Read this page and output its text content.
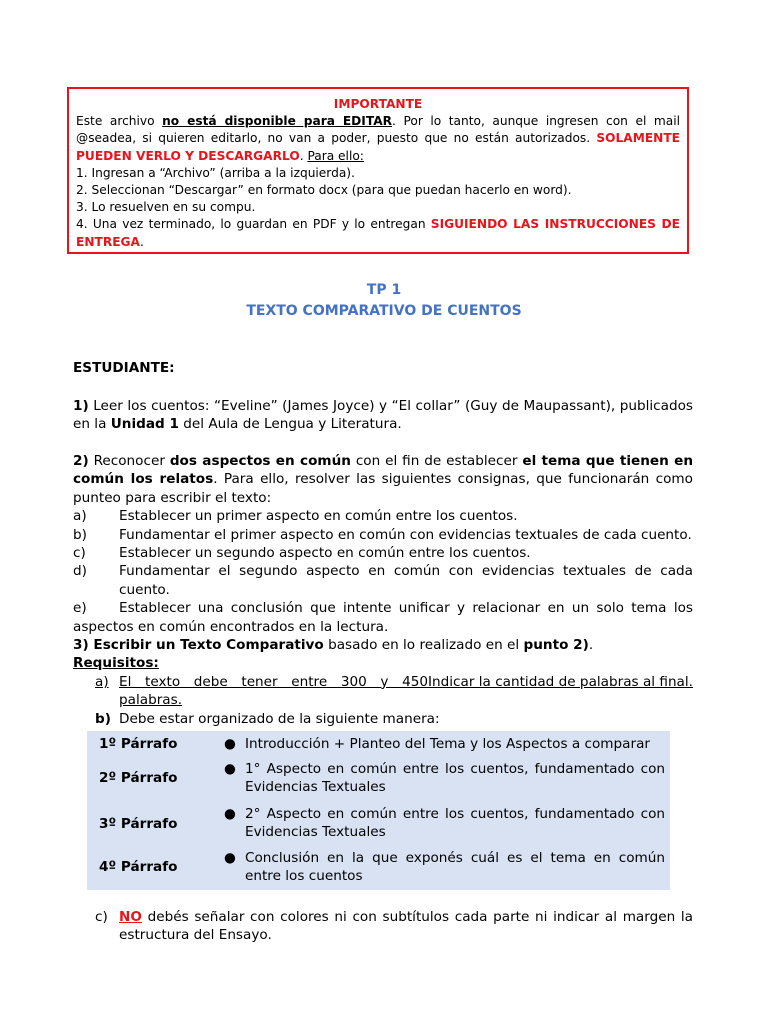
IMPORTANTE
Este archivo no está disponible para EDITAR. Por lo tanto, aunque ingresen con el mail @seadea, si quieren editarlo, no van a poder, puesto que no están autorizados. SOLAMENTE PUEDEN VERLO Y DESCARGARLO. Para ello:
1. Ingresan a “Archivo” (arriba a la izquierda).
2. Seleccionan “Descargar” en formato docx (para que puedan hacerlo en word).
3. Lo resuelven en su compu.
4. Una vez terminado, lo guardan en PDF y lo entregan SIGUIENDO LAS INSTRUCCIONES DE ENTREGA.
TP 1
TEXTO COMPARATIVO DE CUENTOS
ESTUDIANTE:
1) Leer los cuentos: “Eveline” (James Joyce) y “El collar” (Guy de Maupassant), publicados en la Unidad 1 del Aula de Lengua y Literatura.
2) Reconocer dos aspectos en común con el fin de establecer el tema que tienen en común los relatos. Para ello, resolver las siguientes consignas, que funcionarán como punteo para escribir el texto:
a)	Establecer un primer aspecto en común entre los cuentos.
b)	Fundamentar el primer aspecto en común con evidencias textuales de cada cuento.
c)	Establecer un segundo aspecto en común entre los cuentos.
d)	Fundamentar el segundo aspecto en común con evidencias textuales de cada cuento.
e) Establecer una conclusión que intente unificar y relacionar en un solo tema los aspectos en común encontrados en la lectura.
3) Escribir un Texto Comparativo basado en lo realizado en el punto 2).
Requisitos:
a) El texto debe tener entre 300 y 450 palabras.
Indicar la cantidad de palabras al final.
b) Debe estar organizado de la siguiente manera:
1º Párrafo	● Introducción + Planteo del Tema y los Aspectos a comparar
2º Párrafo
● 1° Aspecto en común entre los cuentos, fundamentado con Evidencias Textuales
3º Párrafo
● 2° Aspecto en común entre los cuentos, fundamentado con Evidencias Textuales
4º Párrafo
● Conclusión en la que exponés cuál es el tema en común entre los cuentos
c) NO debés señalar con colores ni con subtítulos cada parte ni indicar al margen la estructura del Ensayo.
